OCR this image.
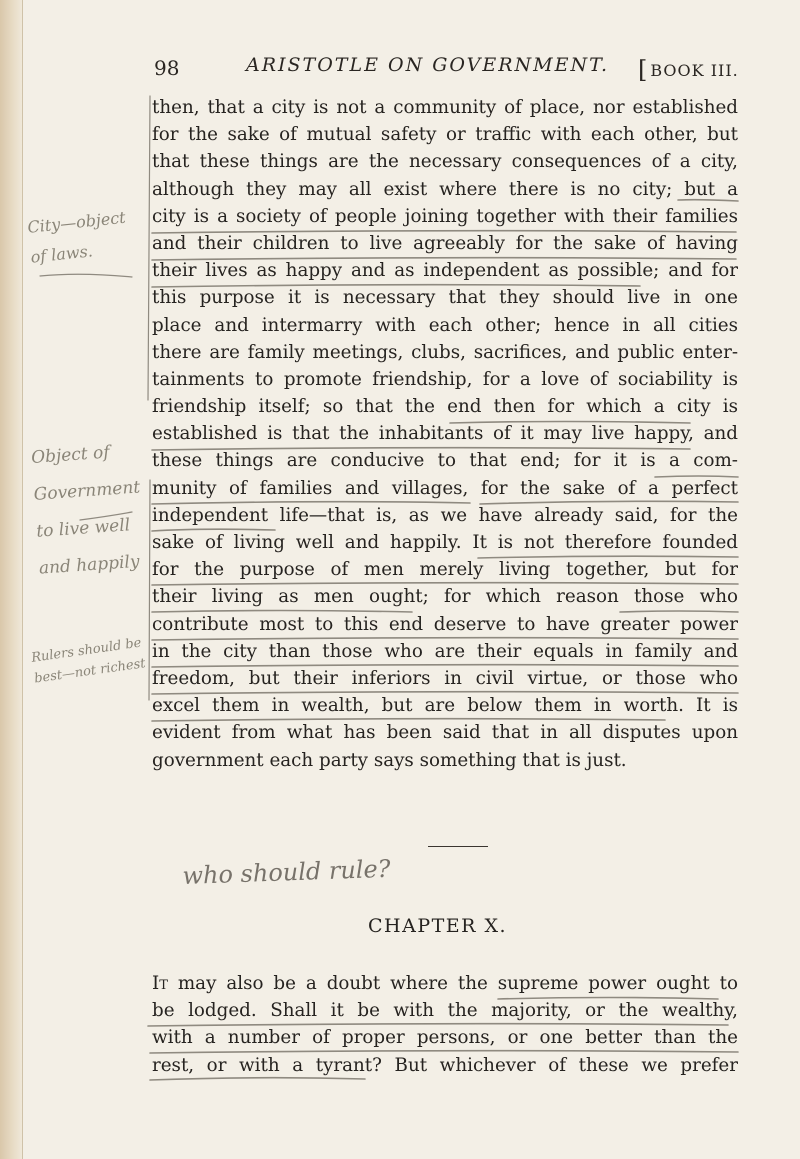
98	ARISTOTLE ON GOVERNMENT. [ BOOK III.
then, that a city is not a community of place, nor established
for the sake of mutual safety or traffic with each other, but
that these things are the necessary consequences of a city,
although they may all exist where there is no city; but a
city is a society of people joining together with their families
and their children to live agreeably for the sake of having
their lives as happy and as independent as possible; and for
this purpose it is necessary that they should live in one
place and intermarry with each other; hence in all cities
there are family meetings, clubs, sacrifices, and public enter-
tainments to promote friendship, for a love of sociability is
friendship itself; so that the end then for which a city is
established is that the inhabitants of it may live happy, and
these things are conducive to that end; for it is a com-
munity of families and villages, for the sake of a perfect
independent life—that is, as we have already said, for the
sake of living well and happily. It is not therefore founded
for the purpose of men merely living together, but for
their living as men ought; for which reason those who
contribute most to this end deserve to have greater power
in the city than those who are their equals in family and
freedom, but their inferiors in civil virtue, or those who
excel them in wealth, but are below them in worth. It is
evident from what has been said that in all disputes upon
government each party says something that is just.
CHAPTER X.
It may also be a doubt where the supreme power ought to
be lodged. Shall it be with the majority, or the wealthy,
with a number of proper persons, or one better than the
rest, or with a tyrant? But whichever of these we prefer
City—object of laws.
Object of Government to live well and happily
Rulers should be best—not richest
who should rule?
